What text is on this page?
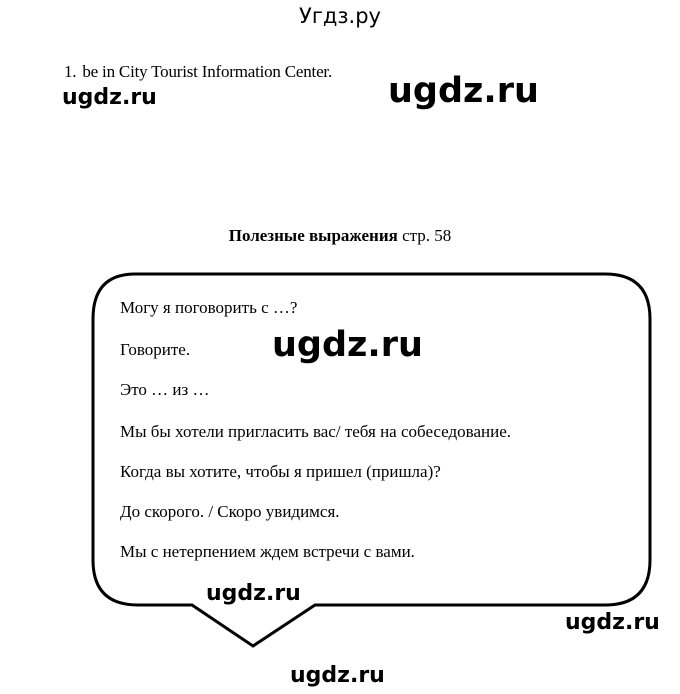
Угдз.ру
1. be in City Tourist Information Center.
ugdz.ru	ugdz.ru
Полезные выражения стр. 58
Могу я поговорить с …?
Говорите.
Это … из …
Мы бы хотели пригласить вас/ тебя на собеседование.
Когда вы хотите, чтобы я пришел (пришла)?
До скорого. / Скоро увидимся.
Мы с нетерпением ждем встречи с вами.
ugdz.ru
ugdz.ru
ugdz.ru
ugdz.ru
